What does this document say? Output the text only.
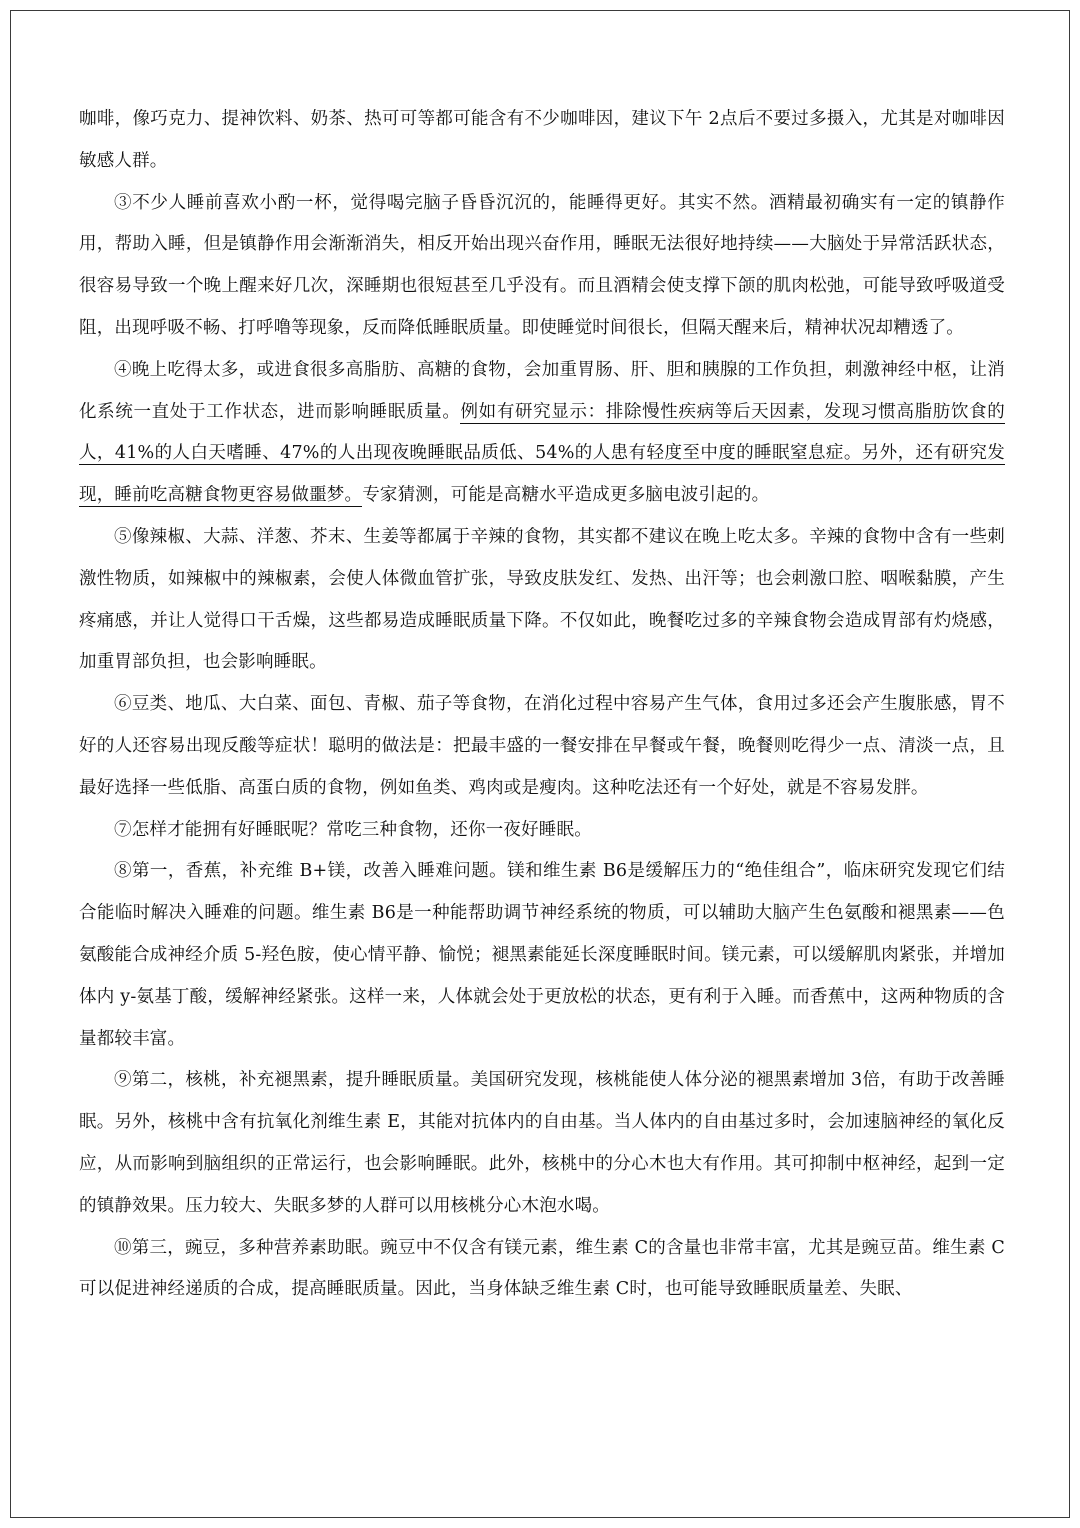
咖啡，像巧克力、提神饮料、奶茶、热可可等都可能含有不少咖啡因，建议下午 2点后不要过多摄入，尤其是对咖啡因敏感人群。

③不少人睡前喜欢小酌一杯，觉得喝完脑子昏昏沉沉的，能睡得更好。其实不然。酒精最初确实有一定的镇静作用，帮助入睡，但是镇静作用会渐渐消失，相反开始出现兴奋作用，睡眠无法很好地持续——大脑处于异常活跃状态，很容易导致一个晚上醒来好几次，深睡期也很短甚至几乎没有。而且酒精会使支撑下颌的肌肉松弛，可能导致呼吸道受阻，出现呼吸不畅、打呼噜等现象，反而降低睡眠质量。即使睡觉时间很长，但隔天醒来后，精神状况却糟透了。

④晚上吃得太多，或进食很多高脂肪、高糖的食物，会加重胃肠、肝、胆和胰腺的工作负担，刺激神经中枢，让消化系统一直处于工作状态，进而影响睡眠质量。例如有研究显示：排除慢性疾病等后天因素，发现习惯高脂肪饮食的人，41%的人白天嗜睡、47%的人出现夜晚睡眠品质低、54%的人患有轻度至中度的睡眠窒息症。另外，还有研究发现，睡前吃高糖食物更容易做噩梦。专家猜测，可能是高糖水平造成更多脑电波引起的。

⑤像辣椒、大蒜、洋葱、芥末、生姜等都属于辛辣的食物，其实都不建议在晚上吃太多。辛辣的食物中含有一些刺激性物质，如辣椒中的辣椒素，会使人体微血管扩张，导致皮肤发红、发热、出汗等；也会刺激口腔、咽喉黏膜，产生疼痛感，并让人觉得口干舌燥，这些都易造成睡眠质量下降。不仅如此，晚餐吃过多的辛辣食物会造成胃部有灼烧感，加重胃部负担，也会影响睡眠。

⑥豆类、地瓜、大白菜、面包、青椒、茄子等食物，在消化过程中容易产生气体，食用过多还会产生腹胀感，胃不好的人还容易出现反酸等症状！聪明的做法是：把最丰盛的一餐安排在早餐或午餐，晚餐则吃得少一点、清淡一点，且最好选择一些低脂、高蛋白质的食物，例如鱼类、鸡肉或是瘦肉。这种吃法还有一个好处，就是不容易发胖。

⑦怎样才能拥有好睡眠呢？常吃三种食物，还你一夜好睡眠。

⑧第一，香蕉，补充维 B+镁，改善入睡难问题。镁和维生素 B6是缓解压力的“绝佳组合”，临床研究发现它们结合能临时解决入睡难的问题。维生素 B6是一种能帮助调节神经系统的物质，可以辅助大脑产生色氨酸和褪黑素——色氨酸能合成神经介质 5-羟色胺，使心情平静、愉悦；褪黑素能延长深度睡眠时间。镁元素，可以缓解肌肉紧张，并增加体内 y-氨基丁酸，缓解神经紧张。这样一来，人体就会处于更放松的状态，更有利于入睡。而香蕉中，这两种物质的含量都较丰富。

⑨第二，核桃，补充褪黑素，提升睡眠质量。美国研究发现，核桃能使人体分泌的褪黑素增加 3倍，有助于改善睡眠。另外，核桃中含有抗氧化剂维生素 E，其能对抗体内的自由基。当人体内的自由基过多时，会加速脑神经的氧化反应，从而影响到脑组织的正常运行，也会影响睡眠。此外，核桃中的分心木也大有作用。其可抑制中枢神经，起到一定的镇静效果。压力较大、失眠多梦的人群可以用核桃分心木泡水喝。

⑩第三，豌豆，多种营养素助眠。豌豆中不仅含有镁元素，维生素 C的含量也非常丰富，尤其是豌豆苗。维生素 C 可以促进神经递质的合成，提高睡眠质量。因此，当身体缺乏维生素 C时，也可能导致睡眠质量差、失眠、
